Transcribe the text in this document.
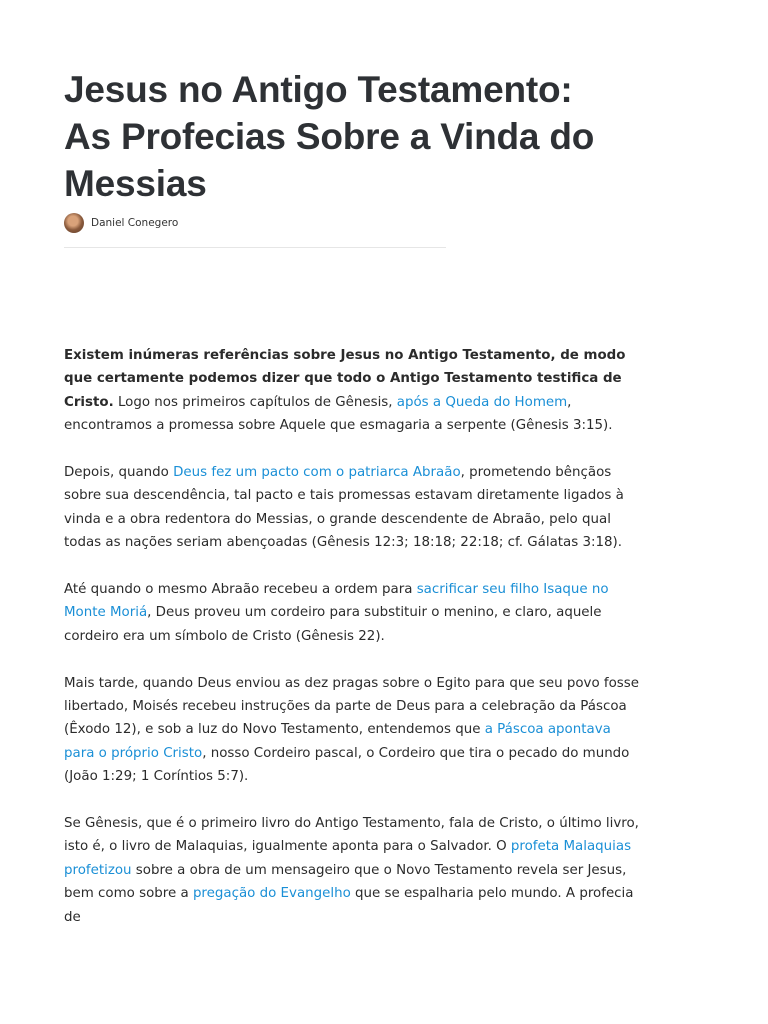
Jesus no Antigo Testamento:
As Profecias Sobre a Vinda do
Messias
Daniel Conegero

Existem inúmeras referências sobre Jesus no Antigo Testamento, de modo que certamente podemos dizer que todo o Antigo Testamento testifica de Cristo. Logo nos primeiros capítulos de Gênesis, após a Queda do Homem, encontramos a promessa sobre Aquele que esmagaria a serpente (Gênesis 3:15).

Depois, quando Deus fez um pacto com o patriarca Abraão, prometendo bênçãos sobre sua descendência, tal pacto e tais promessas estavam diretamente ligados à vinda e a obra redentora do Messias, o grande descendente de Abraão, pelo qual todas as nações seriam abençoadas (Gênesis 12:3; 18:18; 22:18; cf. Gálatas 3:18).

Até quando o mesmo Abraão recebeu a ordem para sacrificar seu filho Isaque no Monte Moriá, Deus proveu um cordeiro para substituir o menino, e claro, aquele cordeiro era um símbolo de Cristo (Gênesis 22).

Mais tarde, quando Deus enviou as dez pragas sobre o Egito para que seu povo fosse libertado, Moisés recebeu instruções da parte de Deus para a celebração da Páscoa (Êxodo 12), e sob a luz do Novo Testamento, entendemos que a Páscoa apontava para o próprio Cristo, nosso Cordeiro pascal, o Cordeiro que tira o pecado do mundo (João 1:29; 1 Coríntios 5:7).

Se Gênesis, que é o primeiro livro do Antigo Testamento, fala de Cristo, o último livro, isto é, o livro de Malaquias, igualmente aponta para o Salvador. O profeta Malaquias profetizou sobre a obra de um mensageiro que o Novo Testamento revela ser Jesus, bem como sobre a pregação do Evangelho que se espalharia pelo mundo. A profecia de
